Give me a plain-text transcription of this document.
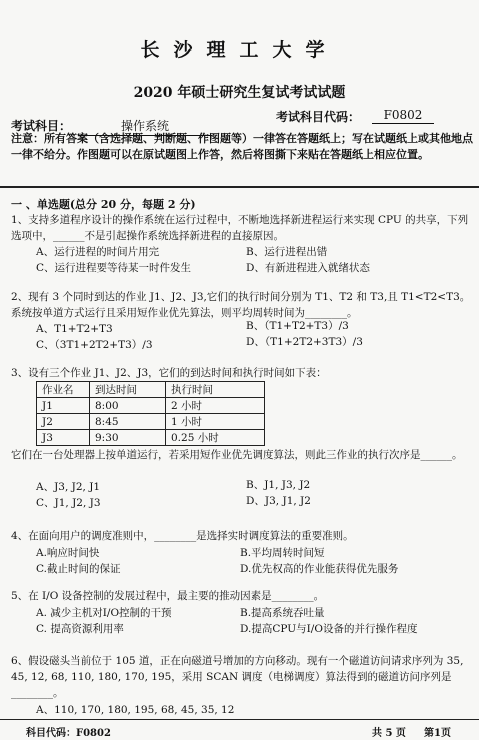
长沙理工大学
2020 年硕士研究生复试考试试题
考试科目：	操作系统
考试科目代码：	F0802
注意：所有答案（含选择题、判断题、作图题等）一律答在答题纸上；写在试题纸上或其他地点一律不给分。作图题可以在原试题图上作答，然后将图撕下来贴在答题纸上相应位置。
一 、单选题(总分 20 分，每题 2 分)
1、支持多道程序设计的操作系统在运行过程中，不断地选择新进程运行来实现 CPU 的共享，下列选项中，______不是引起操作系统选择新进程的直接原因。
A、运行进程的时间片用完	B、运行进程出错
C、运行进程要等待某一时件发生	D、有新进程进入就绪状态
2、现有 3 个同时到达的作业 J1、J2、J3,它们的执行时间分别为 T1、T2 和 T3,且 T1<T2<T3。系统按单道方式运行且采用短作业优先算法，则平均周转时间为________。
A、T1+T2+T3	B、（T1+T2+T3）/3
C、（3T1+2T2+T3）/3	D、（T1+2T2+3T3）/3
3、设有三个作业 J1、J2、J3，它们的到达时间和执行时间如下表：
作业名	到达时间	执行时间
J1	8:00	2 小时
J2	8:45	1 小时
J3	9:30	0.25 小时
它们在一台处理器上按单道运行，若采用短作业优先调度算法，则此三作业的执行次序是______。
A、J3, J2, J1	B、J1, J3, J2
C、J1, J2, J3	D、J3, J1, J2
4、在面向用户的调度准则中，________是选择实时调度算法的重要准则。
A.响应时间快	B.平均周转时间短
C.截止时间的保证	D.优先权高的作业能获得优先服务
5、在 I/O 设备控制的发展过程中，最主要的推动因素是________。
A. 减少主机对I/O控制的干预	B.提高系统吞吐量
C. 提高资源利用率	D.提高CPU与I/O设备的并行操作程度
6、假设磁头当前位于 105 道，正在向磁道号增加的方向移动。现有一个磁道访问请求序列为 35, 45, 12, 68, 110, 180, 170, 195，采用 SCAN 调度（电梯调度）算法得到的磁道访问序列是________。
A、110, 170, 180, 195, 68, 45, 35, 12
科目代码：F0802	共 5 页 第1页
